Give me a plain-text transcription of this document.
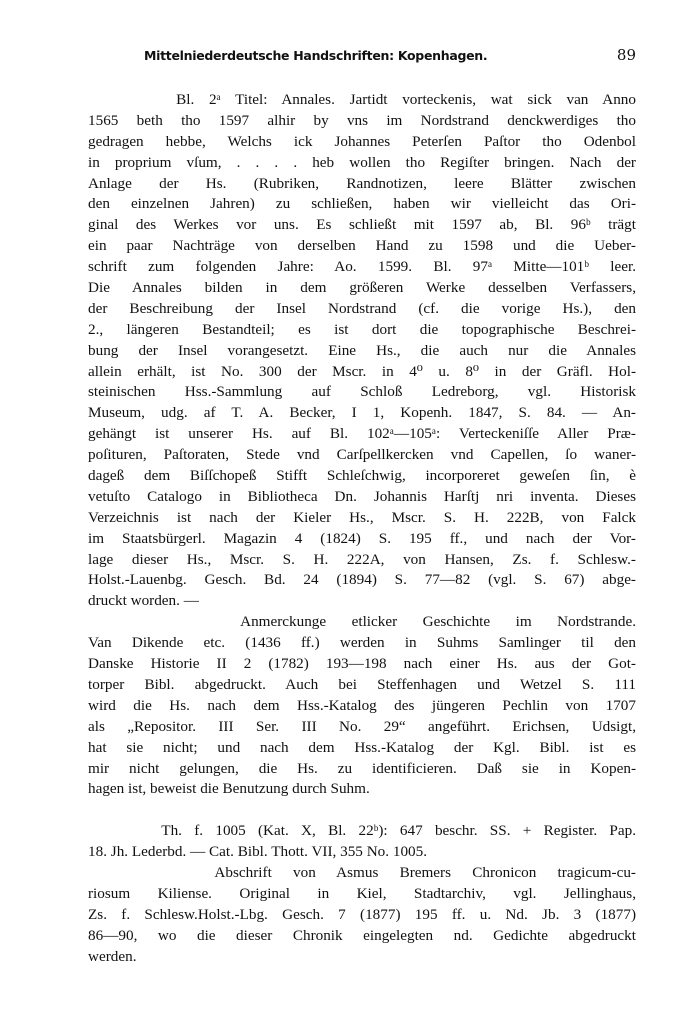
Mittelniederdeutsche Handschriften: Kopenhagen.	89
Bl. 2ᵃ Titel: Annales. Jartidt vorteckenis, wat sick van Anno
1565 beth tho 1597 alhir by vns im Nordstrand denckwerdiges tho
gedragen hebbe, Welchs ick Johannes Peterſen Paſtor tho Odenbol
in proprium vſum, . . . . heb wollen tho Regiſter bringen. Nach der
Anlage der Hs. (Rubriken, Randnotizen, leere Blätter zwischen
den einzelnen Jahren) zu schließen, haben wir vielleicht das Ori-
ginal des Werkes vor uns. Es schließt mit 1597 ab, Bl. 96ᵇ trägt
ein paar Nachträge von derselben Hand zu 1598 und die Ueber-
schrift zum folgenden Jahre: Ao. 1599. Bl. 97ᵃ Mitte—101ᵇ leer.
Die Annales bilden in dem größeren Werke desselben Verfassers,
der Beschreibung der Insel Nordstrand (cf. die vorige Hs.), den
2., längeren Bestandteil; es ist dort die topographische Beschrei-
bung der Insel vorangesetzt. Eine Hs., die auch nur die Annales
allein erhält, ist No. 300 der Mscr. in 4⁰ u. 8⁰ in der Gräfl. Hol-
steinischen Hss.-Sammlung auf Schloß Ledreborg, vgl. Historisk
Museum, udg. af T. A. Becker, I 1, Kopenh. 1847, S. 84. — An-
gehängt ist unserer Hs. auf Bl. 102ᵃ—105ᵃ: Verteckeniſſe Aller Præ-
poſituren, Paſtoraten, Stede vnd Carſpellkercken vnd Capellen, ſo waner-
dageß dem Biſſchopeß Stifft Schleſchwig, incorporeret geweſen ſin, è
vetuſto Catalogo in Bibliotheca Dn. Johannis Harſtj nri inventa. Dieses
Verzeichnis ist nach der Kieler Hs., Mscr. S. H. 222B, von Falck
im Staatsbürgerl. Magazin 4 (1824) S. 195 ff., und nach der Vor-
lage dieser Hs., Mscr. S. H. 222A, von Hansen, Zs. f. Schlesw.-
Holst.-Lauenbg. Gesch. Bd. 24 (1894) S. 77—82 (vgl. S. 67) abge-
druckt worden. —
Anmerckunge etlicker Geschichte im Nordstrande.
Van Dikende etc. (1436 ff.) werden in Suhms Samlinger til den
Danske Historie II 2 (1782) 193—198 nach einer Hs. aus der Got-
torper Bibl. abgedruckt. Auch bei Steffenhagen und Wetzel S. 111
wird die Hs. nach dem Hss.-Katalog des jüngeren Pechlin von 1707
als „Repositor. III Ser. III No. 29“ angeführt. Erichsen, Udsigt,
hat sie nicht; und nach dem Hss.-Katalog der Kgl. Bibl. ist es
mir nicht gelungen, die Hs. zu identificieren. Daß sie in Kopen-
hagen ist, beweist die Benutzung durch Suhm.
Th. f. 1005 (Kat. X, Bl. 22ᵇ): 647 beschr. SS. + Register. Pap.
18. Jh. Lederbd. — Cat. Bibl. Thott. VII, 355 No. 1005.
Abschrift von Asmus Bremers Chronicon tragicum-cu-
riosum Kiliense. Original in Kiel, Stadtarchiv, vgl. Jellinghaus,
Zs. f. Schlesw.Holst.-Lbg. Gesch. 7 (1877) 195 ff. u. Nd. Jb. 3 (1877)
86—90, wo die dieser Chronik eingelegten nd. Gedichte abgedruckt
werden.
